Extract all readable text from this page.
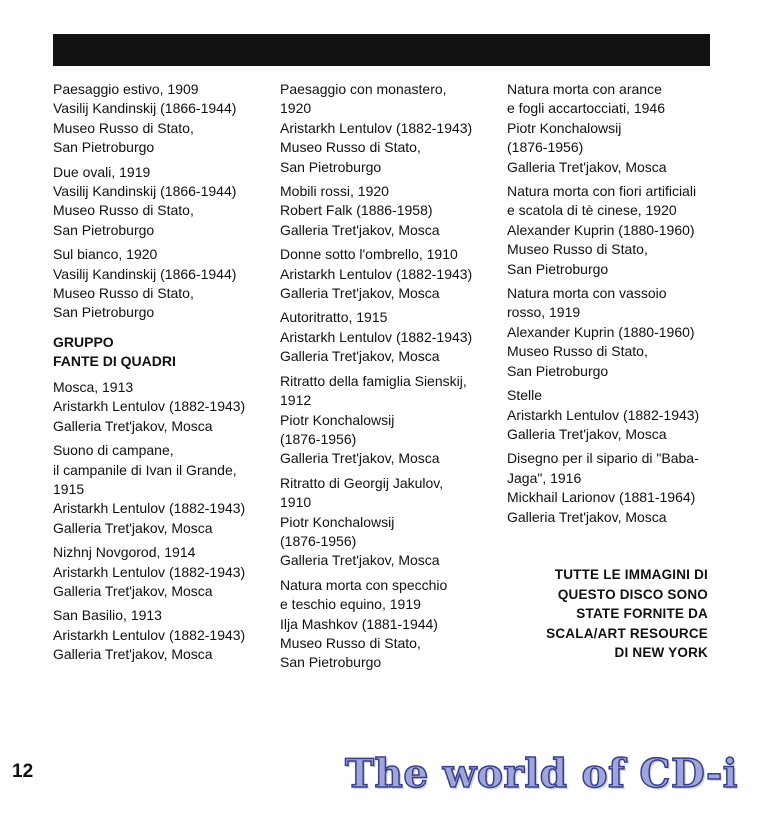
Paesaggio estivo, 1909
Vasilij Kandinskij (1866-1944)
Museo Russo di Stato,
San Pietroburgo
Due ovali, 1919
Vasilij Kandinskij (1866-1944)
Museo Russo di Stato,
San Pietroburgo
Sul bianco, 1920
Vasilij Kandinskij (1866-1944)
Museo Russo di Stato,
San Pietroburgo
GRUPPO
FANTE DI QUADRI
Mosca, 1913
Aristarkh Lentulov (1882-1943)
Galleria Tret'jakov, Mosca
Suono di campane,
il campanile di Ivan il Grande,
1915
Aristarkh Lentulov (1882-1943)
Galleria Tret'jakov, Mosca
Nizhnj Novgorod, 1914
Aristarkh Lentulov (1882-1943)
Galleria Tret'jakov, Mosca
San Basilio, 1913
Aristarkh Lentulov (1882-1943)
Galleria Tret'jakov, Mosca
Paesaggio con monastero,
1920
Aristarkh Lentulov (1882-1943)
Museo Russo di Stato,
San Pietroburgo
Mobili rossi, 1920
Robert Falk (1886-1958)
Galleria Tret'jakov, Mosca
Donne sotto l'ombrello, 1910
Aristarkh Lentulov (1882-1943)
Galleria Tret'jakov, Mosca
Autoritratto, 1915
Aristarkh Lentulov (1882-1943)
Galleria Tret'jakov, Mosca
Ritratto della famiglia Sienskij,
1912
Piotr Konchalowsij
(1876-1956)
Galleria Tret'jakov, Mosca
Ritratto di Georgij Jakulov,
1910
Piotr Konchalowsij
(1876-1956)
Galleria Tret'jakov, Mosca
Natura morta con specchio
e teschio equino, 1919
Ilja Mashkov (1881-1944)
Museo Russo di Stato,
San Pietroburgo
Natura morta con arance
e fogli accartocciati, 1946
Piotr Konchalowsij
(1876-1956)
Galleria Tret'jakov, Mosca
Natura morta con fiori artificiali
e scatola di tè cinese, 1920
Alexander Kuprin (1880-1960)
Museo Russo di Stato,
San Pietroburgo
Natura morta con vassoio
rosso, 1919
Alexander Kuprin (1880-1960)
Museo Russo di Stato,
San Pietroburgo
Stelle
Aristarkh Lentulov (1882-1943)
Galleria Tret'jakov, Mosca
Disegno per il sipario di "Baba-
Jaga", 1916
Mickhail Larionov (1881-1964)
Galleria Tret'jakov, Mosca
TUTTE LE IMMAGINI DI
QUESTO DISCO SONO
STATE FORNITE DA
SCALA/ART RESOURCE
DI NEW YORK
12	The world of CD-i
